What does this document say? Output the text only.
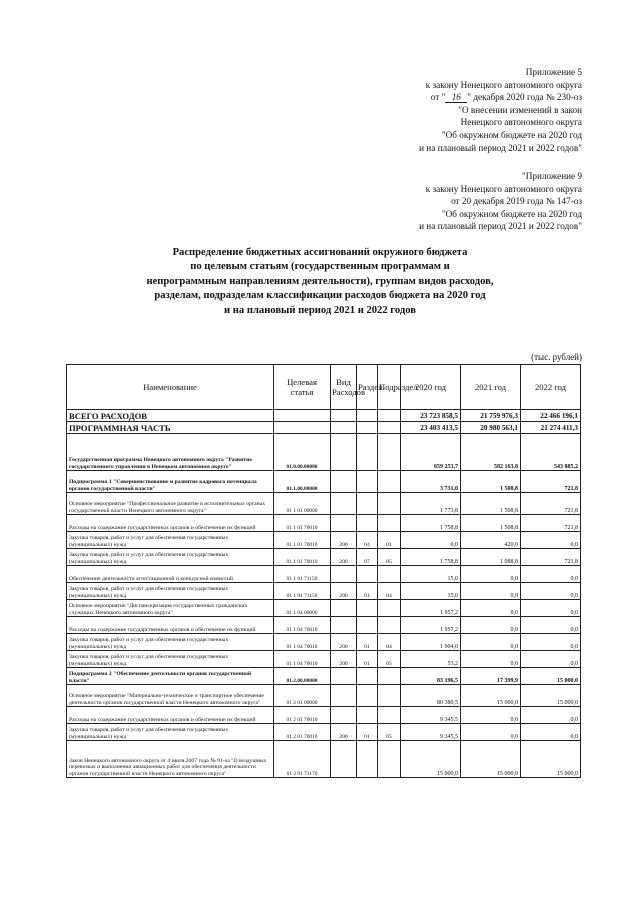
Приложение 5
к закону Ненецкого автономного округа
от " 16 " декабря 2020 года № 230-оз
"О внесении изменений в закон
Ненецкого автономного округа
"Об окружном бюджете на 2020 год
и на плановый период 2021 и 2022 годов"
"Приложение 9
к закону Ненецкого автономного округа
от 20 декабря 2019 года № 147-оз
"Об окружном бюджете на 2020 год
и на плановый период 2021 и 2022 годов"
Распределение бюджетных ассигнований окружного бюджета
по целевым статьям (государственным программам и
непрограммным направлениям деятельности), группам видов расходов,
разделам, подразделам классификации расходов бюджета на 2020 год
и на плановый период 2021 и 2022 годов
(тыс. рублей)
Наименование	Целевая статья	Вид Расходов	Раздел	Подраздел	2020 год	2021 год	2022 год
ВСЕГО РАСХОДОВ					23 723 858,5	21 759 976,3	22 466 196,1
ПРОГРАММНАЯ ЧАСТЬ					23 403 413,5	20 980 563,1	21 274 411,3
Государственная программа Ненецкого автономного округа "Развитие государственного управления в Ненецком автономном округе"	01.0.00.00000				659 253,7	582 163,8	543 885,2
Подпрограмма 1 "Совершенствование и развитие кадрового потенциала органов государственной власти"	01.1.00.00000				3 731,0	1 508,8	721,8
Основное мероприятие "Профессиональное развитие в исполнительных органах государственной власти Ненецкого автономного округа"	01 1 01 00000				1 773,8	1 508,8	721,8
Расходы на содержание государственных органов и обеспечение их функций	01 1 01 70010				1 758,8	1 508,8	721,8
Закупка товаров, работ и услуг для обеспечения государственных (муниципальных) нужд	01 1 01 70010	200	04	01	0,0	420,0	0,0
Закупка товаров, работ и услуг для обеспечения государственных (муниципальных) нужд	01 1 01 70010	200	07	05	1 758,8	1 088,8	721,8
Обеспечение деятельности аттестационной и конкурсной комиссий	01 1 01 71150				15,0	0,0	0,0
Закупка товаров, работ и услуг для обеспечения государственных (муниципальных) нужд	01 1 01 71150	200	01	04	15,0	0,0	0,0
Основное мероприятие "Диспансеризация государственных гражданских служащих Ненецкого автономного округа"	01 1 04 00000				1 957,2	0,0	0,0
Расходы на содержание государственных органов и обеспечение их функций	01 1 04 70010				1 957,2	0,0	0,0
Закупка товаров, работ и услуг для обеспечения государственных (муниципальных) нужд	01 1 04 70010	200	01	04	1 904,0	0,0	0,0
Закупка товаров, работ и услуг для обеспечения государственных (муниципальных) нужд	01 1 04 70010	200	01	05	53,2	0,0	0,0
Подпрограмма 2 "Обеспечение деятельности органов государственной власти"	01.2.00.00000				83 196,5	17 399,9	15 000,0
Основное мероприятие "Материально-техническое и транспортное обеспечение деятельности органов государственной власти Ненецкого автономного округа"	01 2 01 00000				80 380,5	15 000,0	15 000,0
Расходы на содержание государственных органов и обеспечение их функций	01 2 01 70010				9 345,5	0,0	0,0
Закупка товаров, работ и услуг для обеспечения государственных (муниципальных) нужд	01 2 01 70010	200	01	05	9 345,5	0,0	0,0
Закон Ненецкого автономного округа от 4 июля 2007 года № 91-оз "О воздушных перевозках и выполнении авиационных работ для обеспечения деятельности органов государственной власти Ненецкого автономного округа"	01 2 01 71170				15 000,0	15 000,0	15 000,0
